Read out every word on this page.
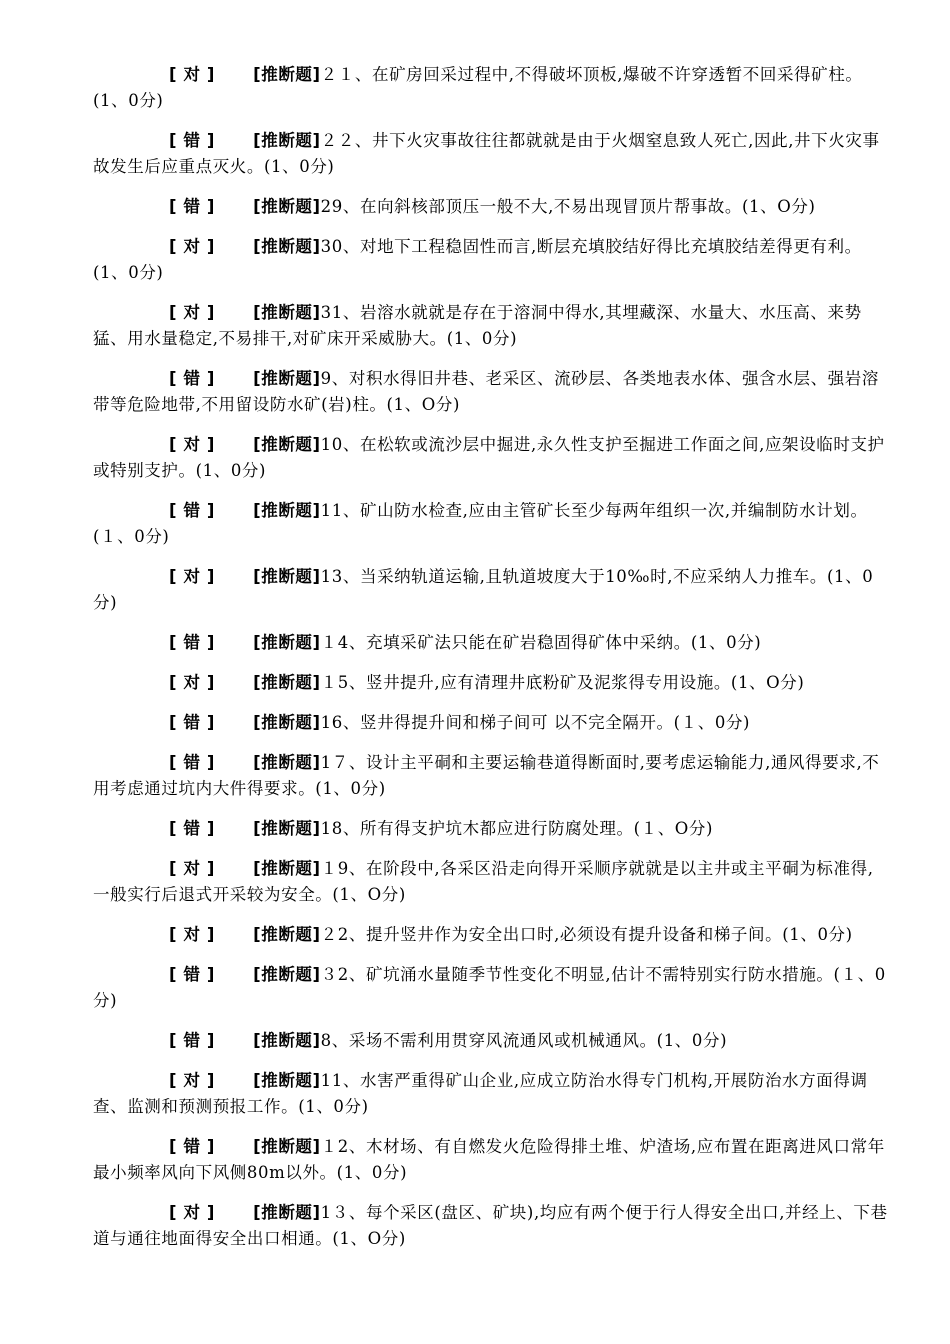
[ 对 ] [推断题]２１、在矿房回采过程中,不得破坏顶板,爆破不许穿透暂不回采得矿柱。(1、0分)

[ 错 ] [推断题]２２、井下火灾事故往往都就就是由于火烟窒息致人死亡,因此,井下火灾事故发生后应重点灭火。(1、0分)

[ 错 ] [推断题]29、在向斜核部顶压一般不大,不易出现冒顶片帮事故。(1、O分)

[ 对 ] [推断题]30、对地下工程稳固性而言,断层充填胶结好得比充填胶结差得更有利。(1、0分)

[ 对 ] [推断题]31、岩溶水就就是存在于溶洞中得水,其埋藏深、水量大、水压高、来势猛、用水量稳定,不易排干,对矿床开采威胁大。(1、0分)

[ 错 ] [推断题]9、对积水得旧井巷、老采区、流砂层、各类地表水体、强含水层、强岩溶带等危险地带,不用留设防水矿(岩)柱。(1、O分)

[ 对 ] [推断题]10、在松软或流沙层中掘进,永久性支护至掘进工作面之间,应架设临时支护或特别支护。(1、0分)

[ 错 ] [推断题]11、矿山防水检查,应由主管矿长至少每两年组织一次,并编制防水计划。(１、0分)

[ 对 ] [推断题]13、当采纳轨道运输,且轨道坡度大于10‰时,不应采纳人力推车。(1、0分)

[ 错 ] [推断题]１4、充填采矿法只能在矿岩稳固得矿体中采纳。(1、0分)

[ 对 ] [推断题]１5、竖井提升,应有清理井底粉矿及泥浆得专用设施。(1、O分)

[ 错 ] [推断题]16、竖井得提升间和梯子间可 以不完全隔开。(１、0分)

[ 错 ] [推断题]1７、设计主平硐和主要运输巷道得断面时,要考虑运输能力,通风得要求,不用考虑通过坑内大件得要求。(1、0分)

[ 错 ] [推断题]18、所有得支护坑木都应进行防腐处理。(１、O分)

[ 对 ] [推断题]１9、在阶段中,各采区沿走向得开采顺序就就是以主井或主平硐为标准得,一般实行后退式开采较为安全。(1、O分)

[ 对 ] [推断题]２2、提升竖井作为安全出口时,必须设有提升设备和梯子间。(1、0分)

[ 错 ] [推断题]３2、矿坑涌水量随季节性变化不明显,估计不需特别实行防水措施。(１、0分)

[ 错 ] [推断题]8、采场不需利用贯穿风流通风或机械通风。(1、0分)

[ 对 ] [推断题]11、水害严重得矿山企业,应成立防治水得专门机构,开展防治水方面得调查、监测和预测预报工作。(1、0分)

[ 错 ] [推断题]１2、木材场、有自燃发火危险得排土堆、炉渣场,应布置在距离进风口常年最小频率风向下风侧80m以外。(1、0分)

[ 对 ] [推断题]1３、每个采区(盘区、矿块),均应有两个便于行人得安全出口,并经上、下巷道与通往地面得安全出口相通。(1、O分)
